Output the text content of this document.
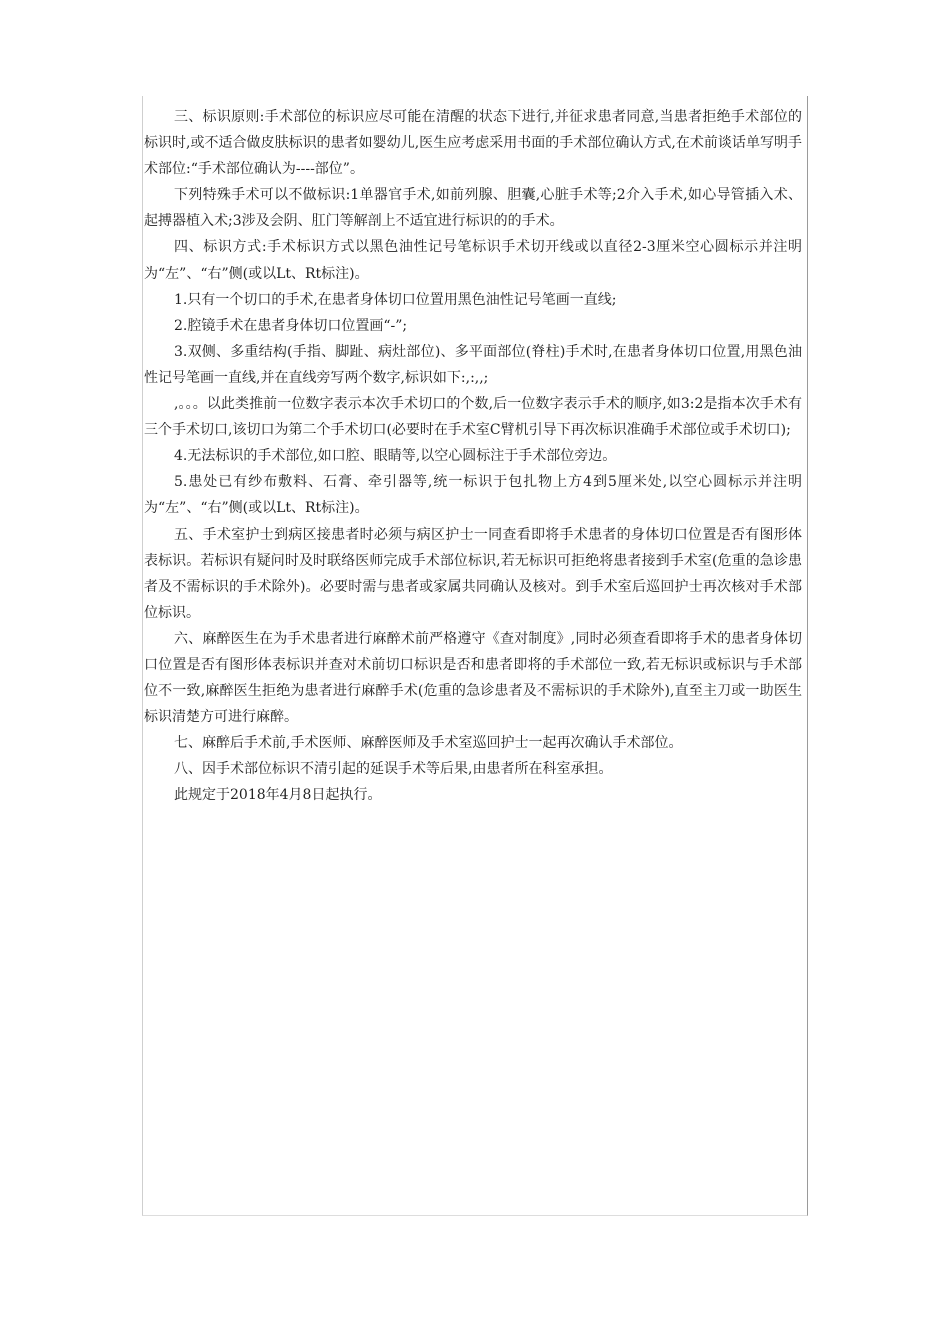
三、标识原则:手术部位的标识应尽可能在清醒的状态下进行,并征求患者同意,当患者拒绝手术部位的标识时,或不适合做皮肤标识的患者如婴幼儿,医生应考虑采用书面的手术部位确认方式,在术前谈话单写明手术部位:“手术部位确认为----部位”。

下列特殊手术可以不做标识:1单器官手术,如前列腺、胆囊,心脏手术等;2介入手术,如心导管插入术、起搏器植入术;3涉及会阴、肛门等解剖上不适宜进行标识的的手术。

四、标识方式:手术标识方式以黑色油性记号笔标识手术切开线或以直径2-3厘米空心圆标示并注明为“左”、“右”侧(或以Lt、Rt标注)。

1.只有一个切口的手术,在患者身体切口位置用黑色油性记号笔画一直线;

2.腔镜手术在患者身体切口位置画“-”;

3.双侧、多重结构(手指、脚趾、病灶部位)、多平面部位(脊柱)手术时,在患者身体切口位置,用黑色油性记号笔画一直线,并在直线旁写两个数字,标识如下:,:,,;

,。。。以此类推前一位数字表示本次手术切口的个数,后一位数字表示手术的顺序,如3:2是指本次手术有三个手术切口,该切口为第二个手术切口(必要时在手术室C臂机引导下再次标识准确手术部位或手术切口);

4.无法标识的手术部位,如口腔、眼睛等,以空心圆标注于手术部位旁边。

5.患处已有纱布敷料、石膏、牵引器等,统一标识于包扎物上方4到5厘米处,以空心圆标示并注明为“左”、“右”侧(或以Lt、Rt标注)。

五、手术室护士到病区接患者时必须与病区护士一同查看即将手术患者的身体切口位置是否有图形体表标识。若标识有疑问时及时联络医师完成手术部位标识,若无标识可拒绝将患者接到手术室(危重的急诊患者及不需标识的手术除外)。必要时需与患者或家属共同确认及核对。到手术室后巡回护士再次核对手术部位标识。

六、麻醉医生在为手术患者进行麻醉术前严格遵守《查对制度》,同时必须查看即将手术的患者身体切口位置是否有图形体表标识并查对术前切口标识是否和患者即将的手术部位一致,若无标识或标识与手术部位不一致,麻醉医生拒绝为患者进行麻醉手术(危重的急诊患者及不需标识的手术除外),直至主刀或一助医生标识清楚方可进行麻醉。

七、麻醉后手术前,手术医师、麻醉医师及手术室巡回护士一起再次确认手术部位。

八、因手术部位标识不清引起的延误手术等后果,由患者所在科室承担。

此规定于2018年4月8日起执行。
